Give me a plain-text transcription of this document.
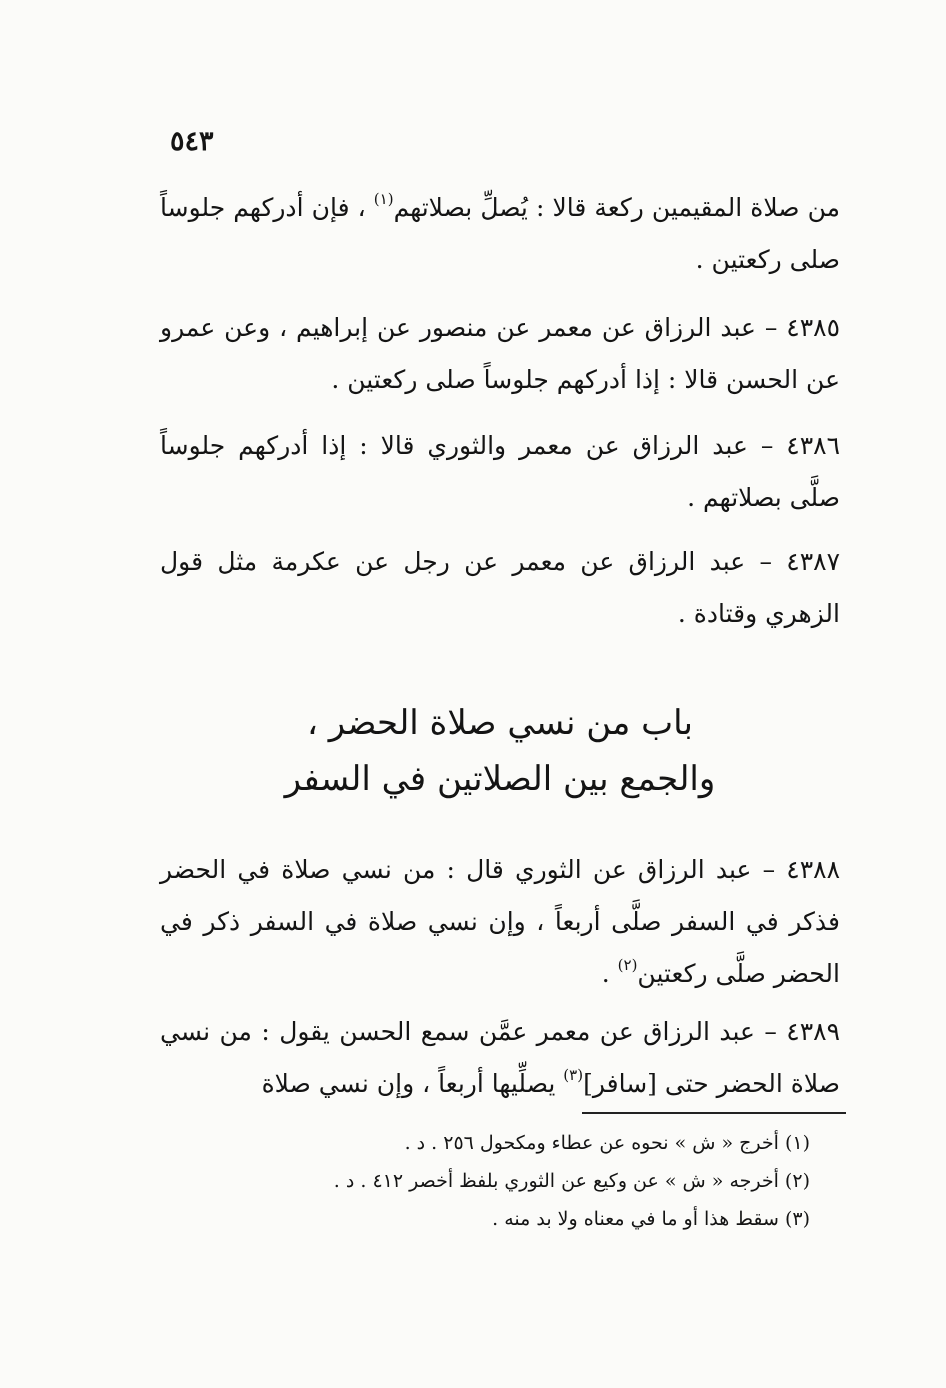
٥٤٣
من صلاة المقيمين ركعة قالا : يُصلِّ بصلاتهم$^{(١)}$ ، فإن أدركهم جلوساً صلى ركعتين .
٤٣٨٥ – عبد الرزاق عن معمر عن منصور عن إبراهيم ، وعن عمرو عن الحسن قالا : إذا أدركهم جلوساً صلى ركعتين .
٤٣٨٦ – عبد الرزاق عن معمر والثوري قالا : إذا أدركهم جلوساً صلَّى بصلاتهم .
٤٣٨٧ – عبد الرزاق عن معمر عن رجل عن عكرمة مثل قول الزهري وقتادة .
باب من نسي صلاة الحضر ،
والجمع بين الصلاتين في السفر
٤٣٨٨ – عبد الرزاق عن الثوري قال : من نسي صلاة في الحضر فذكر في السفر صلَّى أربعاً ، وإن نسي صلاة في السفر ذكر في الحضر صلَّى ركعتين$^{(٢)}$ .
٤٣٨٩ – عبد الرزاق عن معمر عمَّن سمع الحسن يقول : من نسي صلاة الحضر حتى [سافر]$^{(٣)}$ يصلِّيها أربعاً ، وإن نسي صلاة
(١) أخرج « ش » نحوه عن عطاء ومكحول ٢٥٦ . د .
(٢) أخرجه « ش » عن وكيع عن الثوري بلفظ أخصر ٤١٢ . د .
(٣) سقط هذا أو ما في معناه ولا بد منه .
